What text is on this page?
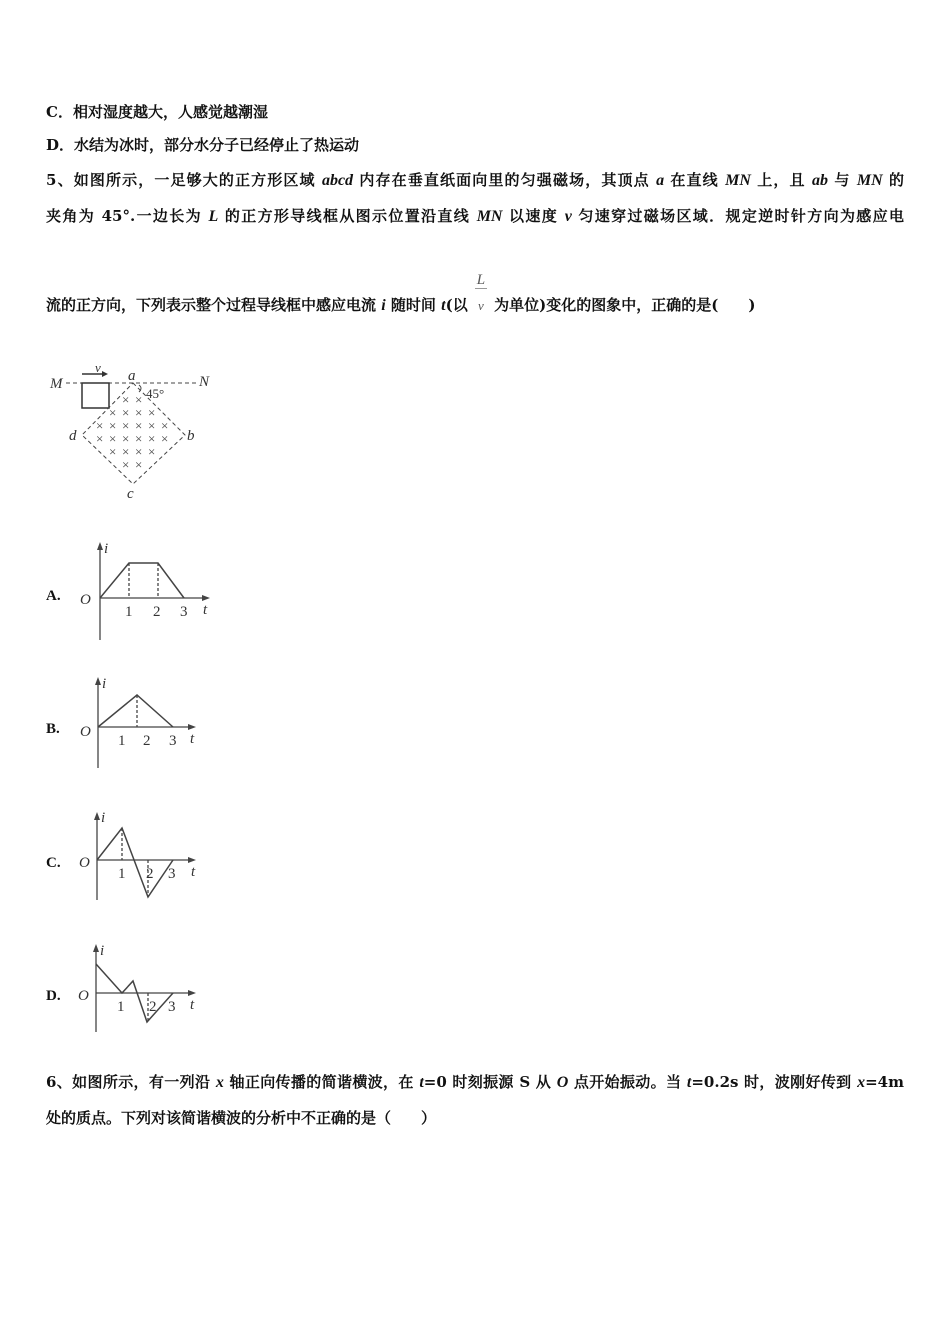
C．相对湿度越大，人感觉越潮湿
D．水结为冰时，部分水分子已经停止了热运动
5、如图所示，一足够大的正方形区域 abcd 内存在垂直纸面向里的匀强磁场，其顶点 a 在直线 MN 上，且 ab 与 MN 的
夹角为 45°.一边长为 L 的正方形导线框从图示位置沿直线 MN 以速度 v 匀速穿过磁场区域．规定逆时针方向为感应电
流的正方向，下列表示整个过程导线框中感应电流 i 随时间 t(以 $\frac{L}{v}$ 为单位)变化的图象中，正确的是(　　)
M	N
a
b
c
d
v
45°
× ×
× × × ×
× × × × × ×
× × × × × ×
× × × ×
× ×
i
O
1 2 3 t
i
O
1 2 3 t
i
O
1 2 3 t
i
O
1 2 3 t
A.
B.
C.
D.
6、如图所示，有一列沿 x 轴正向传播的简谐横波，在 t=0 时刻振源 S 从 O 点开始振动。当 t=0.2s 时，波刚好传到 x=4m
处的质点。下列对该简谐横波的分析中不正确的是（　　）
